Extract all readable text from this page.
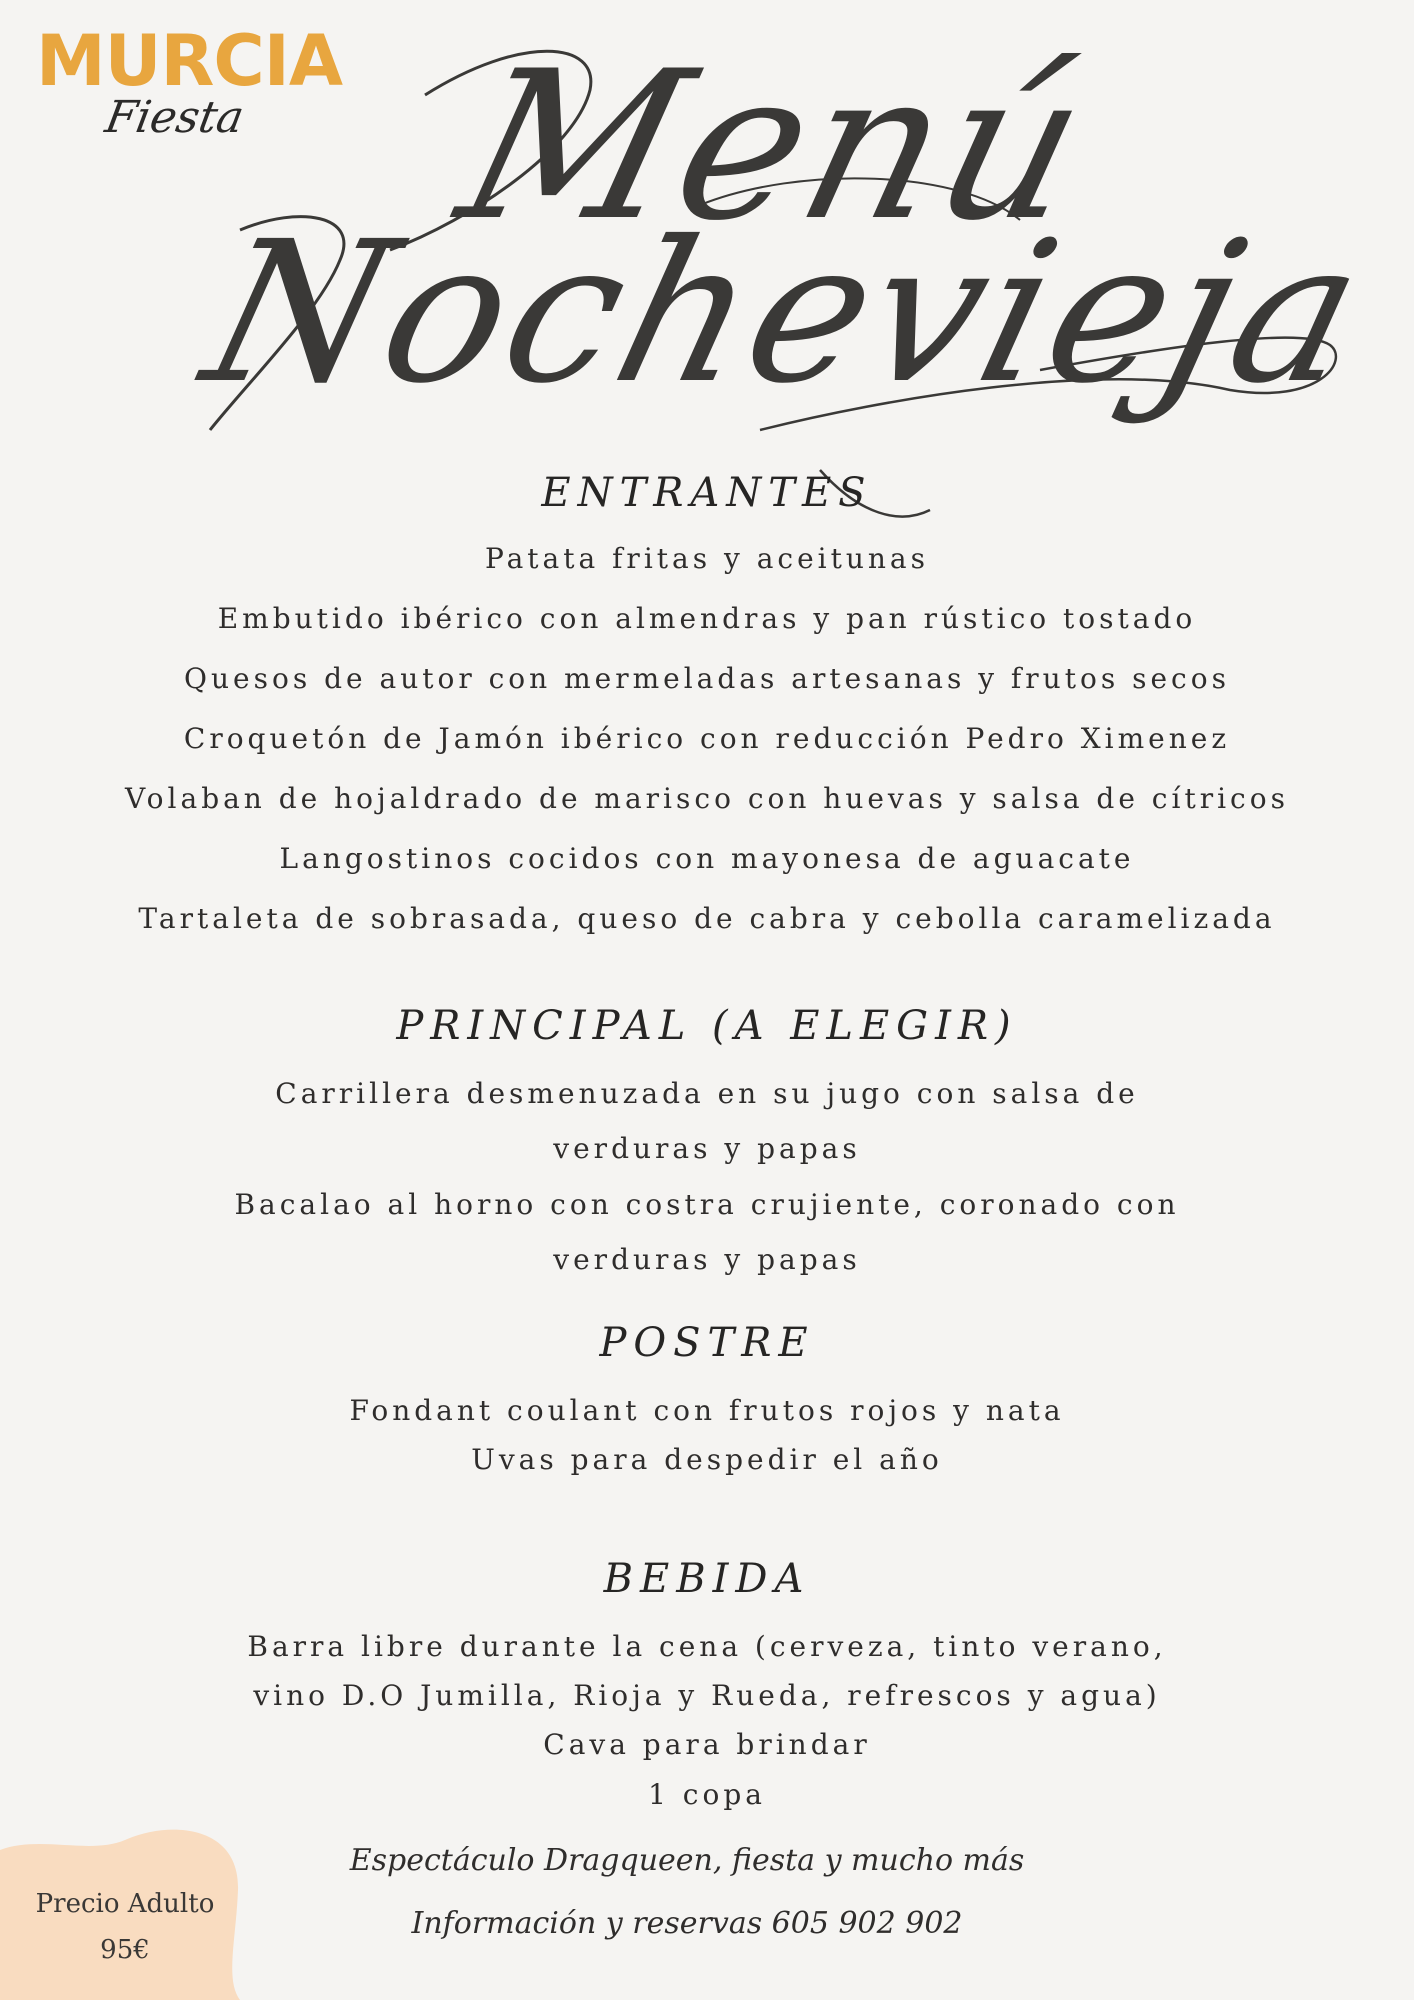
MURCIA
Fiesta Menú
Nochevieja
ENTRANTES
Patata fritas y aceitunas
Embutido ibérico con almendras y pan rústico tostado
Quesos de autor con mermeladas artesanas y frutos secos
Croquetón de Jamón ibérico con reducción Pedro Ximenez
Volaban de hojaldrado de marisco con huevas y salsa de cítricos
Langostinos cocidos con mayonesa de aguacate
Tartaleta de sobrasada, queso de cabra y cebolla caramelizada
PRINCIPAL (A ELEGIR)
Carrillera desmenuzada en su jugo con salsa de
verduras y papas
Bacalao al horno con costra crujiente, coronado con
verduras y papas
POSTRE
Fondant coulant con frutos rojos y nata
Uvas para despedir el año
BEBIDA
Barra libre durante la cena (cerveza, tinto verano,
vino D.O Jumilla, Rioja y Rueda, refrescos y agua)
Cava para brindar
1 copa
Espectáculo Dragqueen, fiesta y mucho más
Información y reservas 605 902 902
Precio Adulto
95€
